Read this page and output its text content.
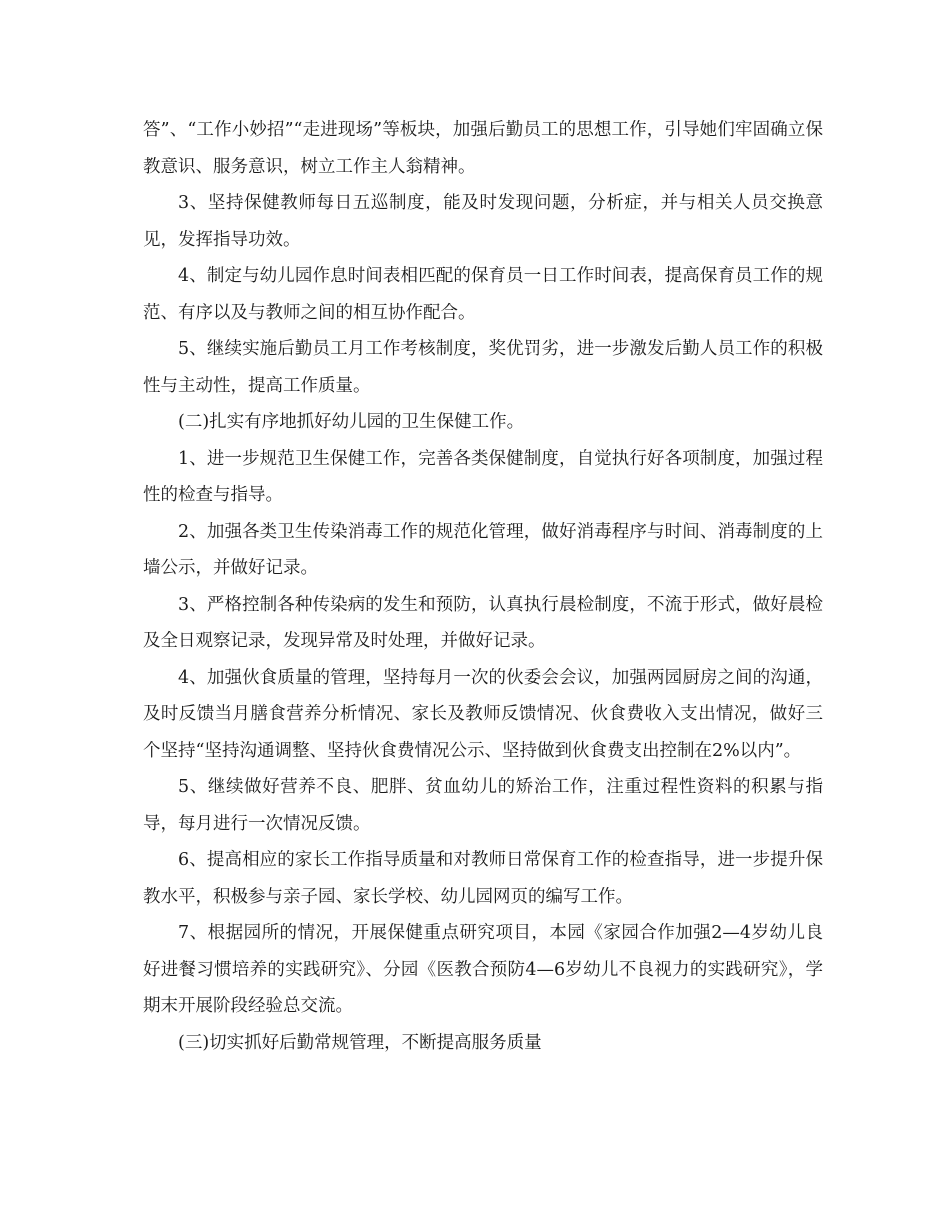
答”、“工作小妙招”“走进现场”等板块，加强后勤员工的思想工作，引导她们牢固确立保教意识、服务意识，树立工作主人翁精神。

3、坚持保健教师每日五巡制度，能及时发现问题，分析症，并与相关人员交换意见，发挥指导功效。

4、制定与幼儿园作息时间表相匹配的保育员一日工作时间表，提高保育员工作的规范、有序以及与教师之间的相互协作配合。

5、继续实施后勤员工月工作考核制度，奖优罚劣，进一步激发后勤人员工作的积极性与主动性，提高工作质量。

(二)扎实有序地抓好幼儿园的卫生保健工作。

1、进一步规范卫生保健工作，完善各类保健制度，自觉执行好各项制度，加强过程性的检查与指导。

2、加强各类卫生传染消毒工作的规范化管理，做好消毒程序与时间、消毒制度的上墙公示，并做好记录。

3、严格控制各种传染病的发生和预防，认真执行晨检制度，不流于形式，做好晨检及全日观察记录，发现异常及时处理，并做好记录。

4、加强伙食质量的管理，坚持每月一次的伙委会会议，加强两园厨房之间的沟通，及时反馈当月膳食营养分析情况、家长及教师反馈情况、伙食费收入支出情况，做好三个坚持“坚持沟通调整、坚持伙食费情况公示、坚持做到伙食费支出控制在2%以内”。

5、继续做好营养不良、肥胖、贫血幼儿的矫治工作，注重过程性资料的积累与指导，每月进行一次情况反馈。

6、提高相应的家长工作指导质量和对教师日常保育工作的检查指导，进一步提升保教水平，积极参与亲子园、家长学校、幼儿园网页的编写工作。

7、根据园所的情况，开展保健重点研究项目，本园《家园合作加强2—4岁幼儿良好进餐习惯培养的实践研究》、分园《医教合预防4—6岁幼儿不良视力的实践研究》，学期末开展阶段经验总交流。

(三)切实抓好后勤常规管理，不断提高服务质量
